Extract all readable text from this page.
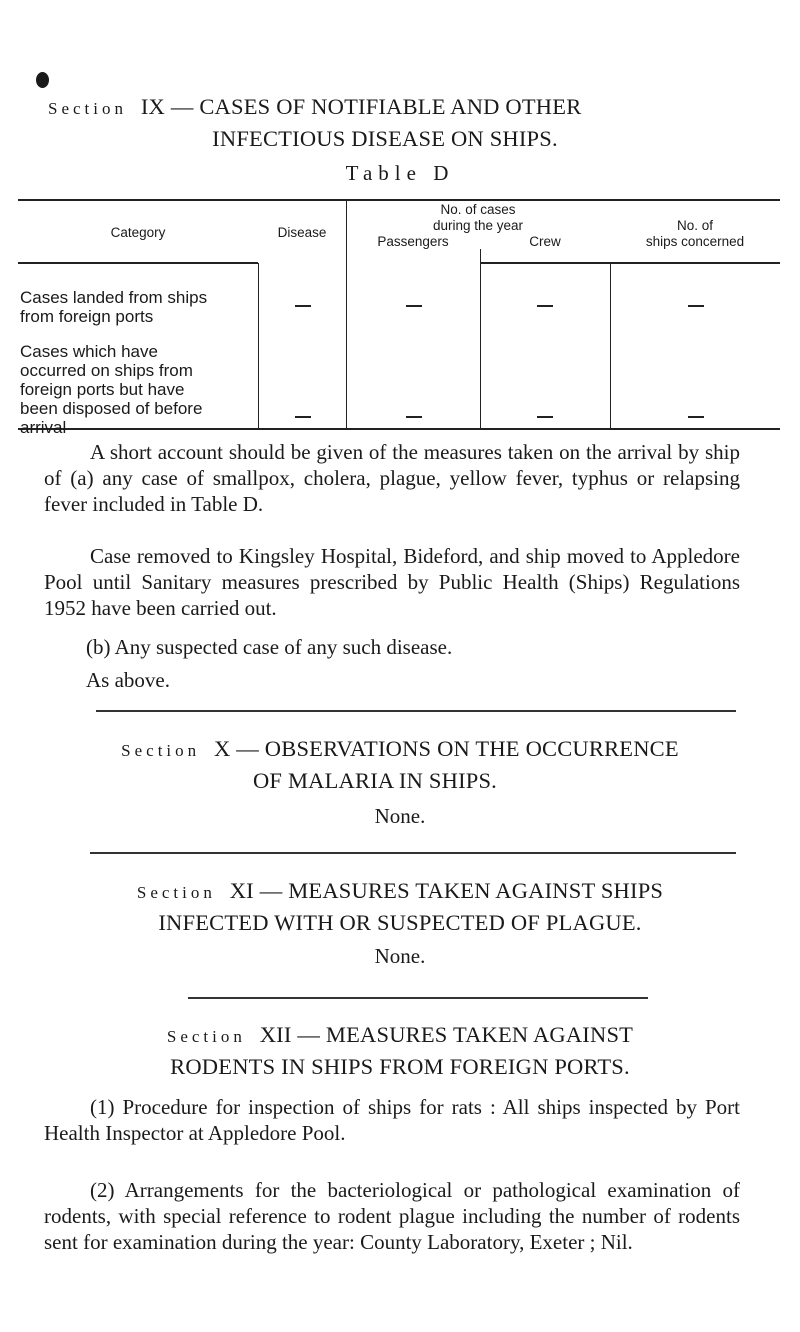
Section IX — CASES OF NOTIFIABLE AND OTHER
INFECTIOUS DISEASE ON SHIPS.
Table D
Category	Disease
No. of cases
during the year
Passengers	Crew
No. of
ships concerned
Cases landed from ships
from foreign ports
Cases which have
occurred on ships from
foreign ports but have
been disposed of before
arrival
A short account should be given of the measures taken on the arrival by ship of (a) any case of smallpox, cholera, plague, yellow fever, typhus or relapsing fever included in Table D.
Case removed to Kingsley Hospital, Bideford, and ship moved to Appledore Pool until Sanitary measures prescribed by Public Health (Ships) Regulations 1952 have been carried out.
(b) Any suspected case of any such disease.
As above.
Section X — OBSERVATIONS ON THE OCCURRENCE
OF MALARIA IN SHIPS.
None.
Section XI — MEASURES TAKEN AGAINST SHIPS
INFECTED WITH OR SUSPECTED OF PLAGUE.
None.
Section XII — MEASURES TAKEN AGAINST
RODENTS IN SHIPS FROM FOREIGN PORTS.
(1) Procedure for inspection of ships for rats : All ships inspected by Port Health Inspector at Appledore Pool.
(2) Arrangements for the bacteriological or pathological examination of rodents, with special reference to rodent plague including the number of rodents sent for examination during the year: County Laboratory, Exeter ; Nil.
